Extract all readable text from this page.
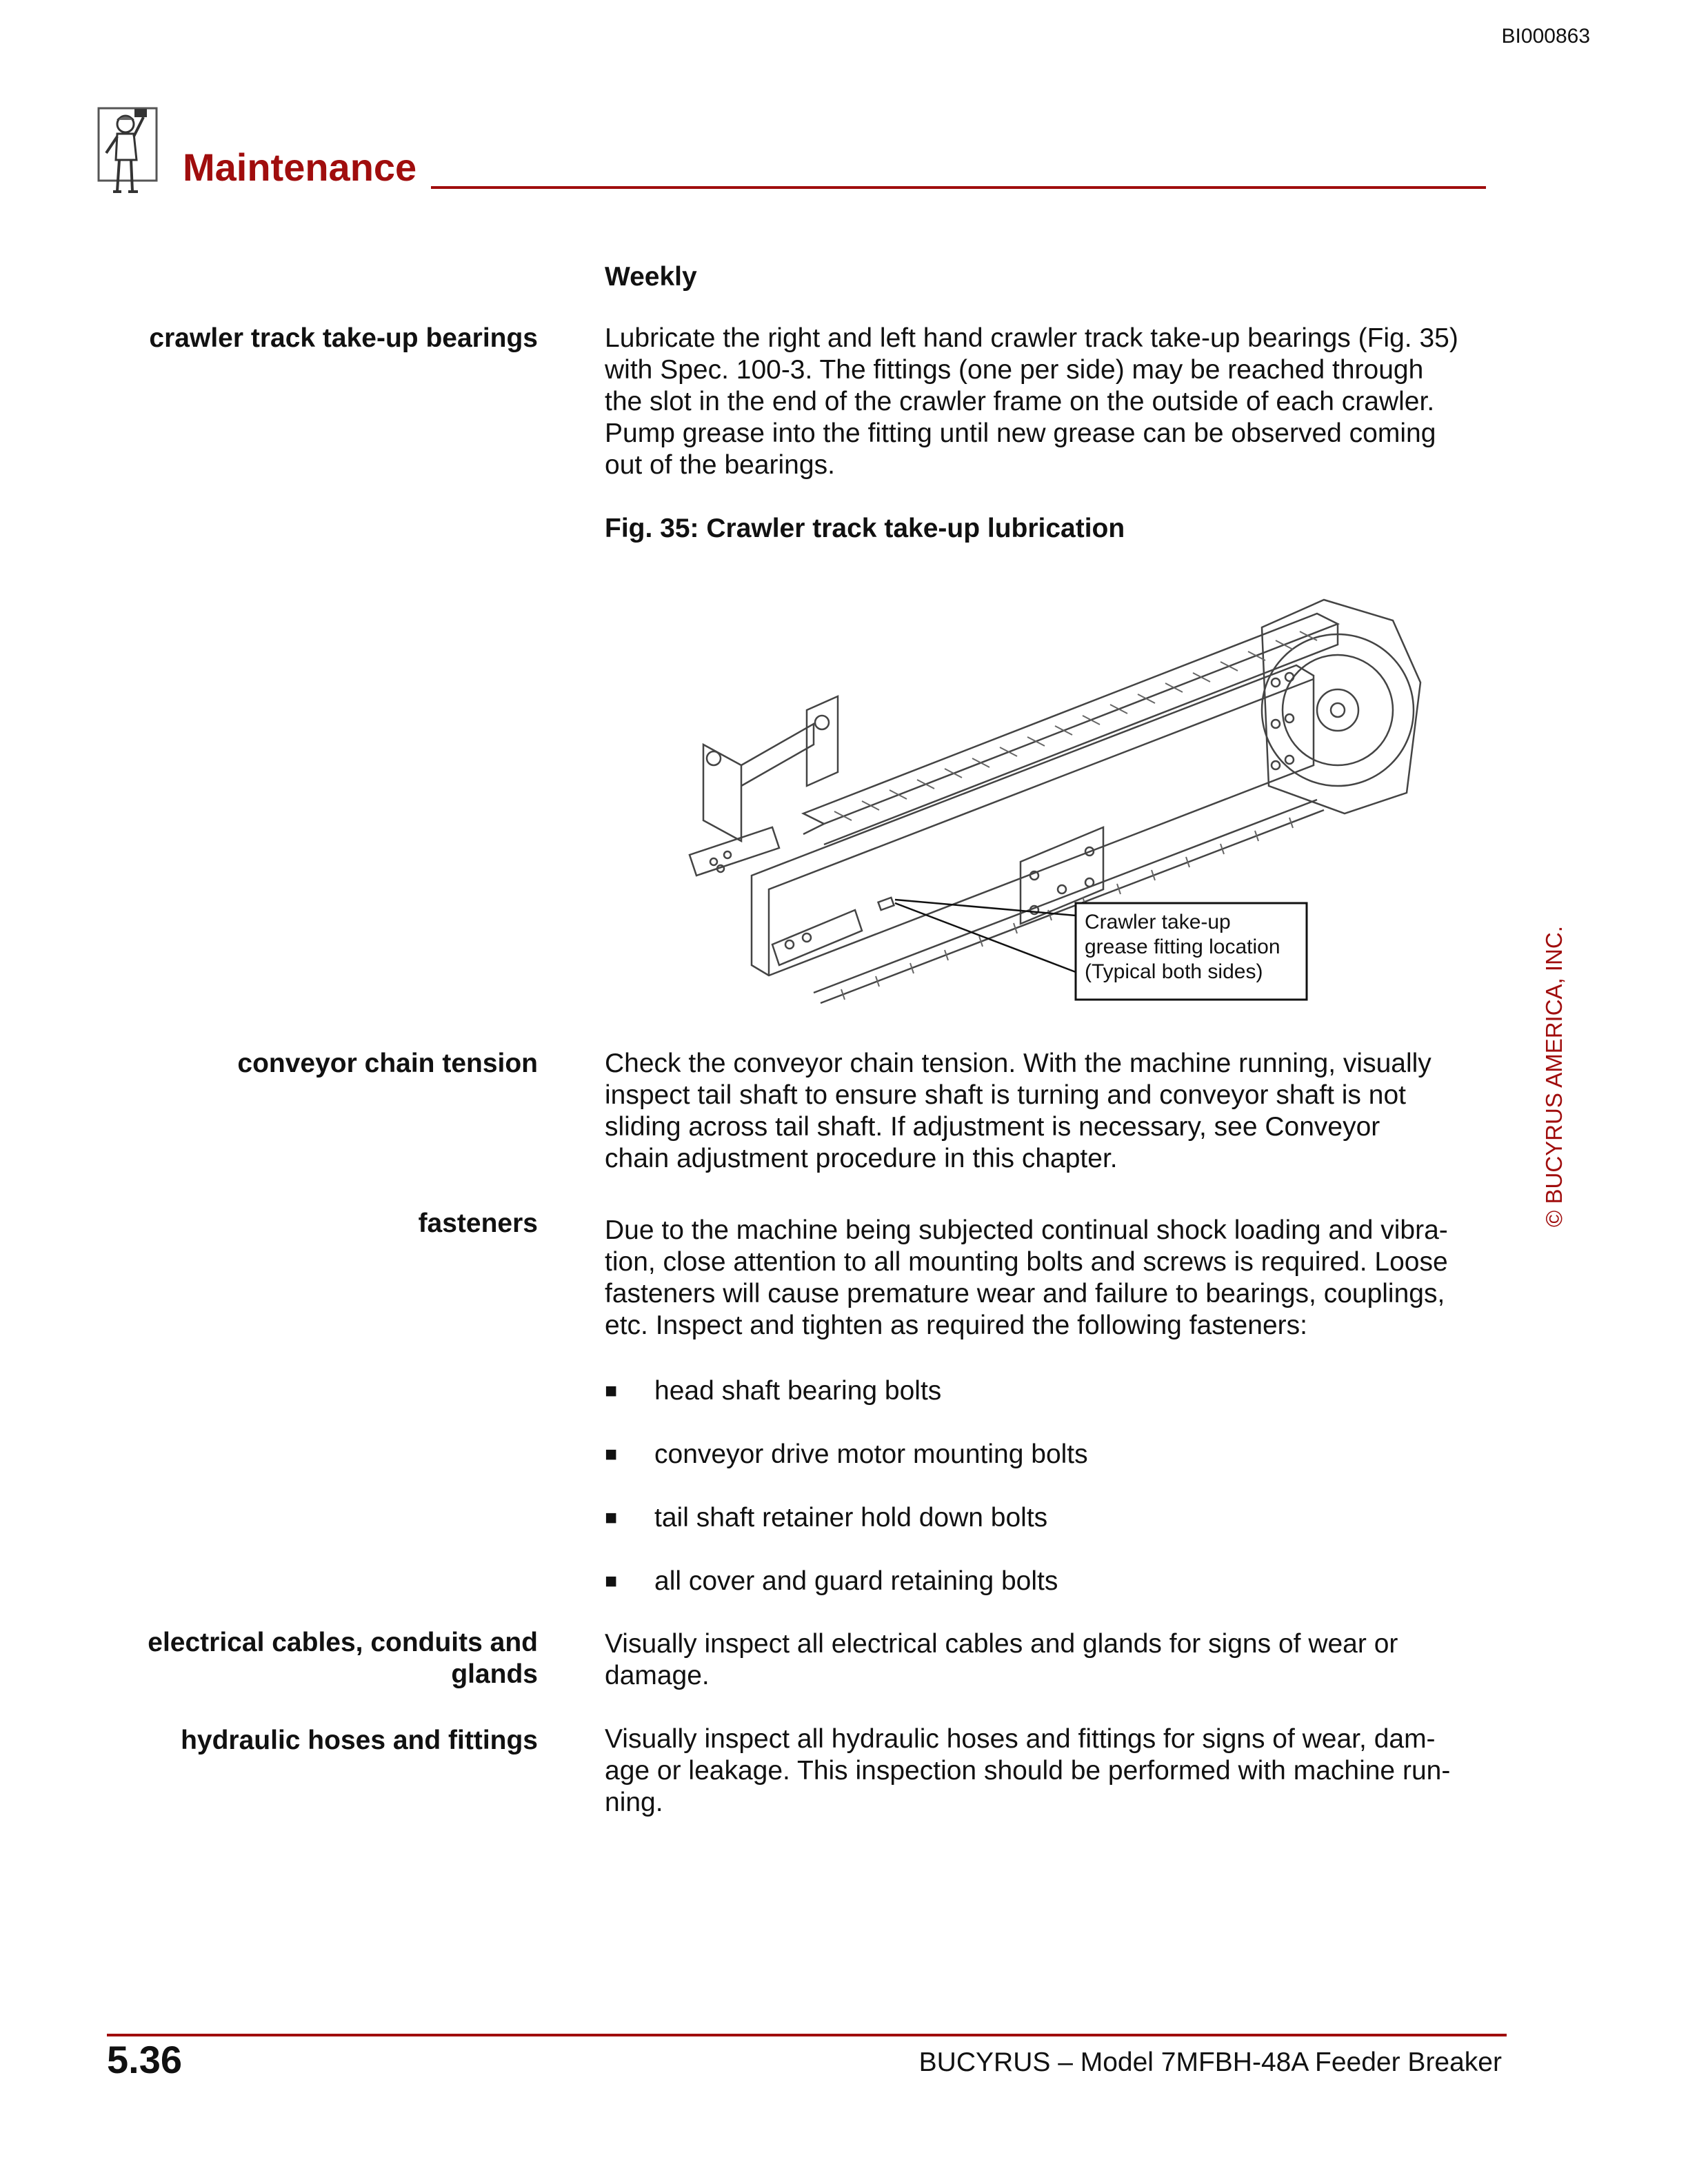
BI000863
Maintenance
Weekly
crawler track take-up bearings Lubricate the right and left hand crawler track take-up bearings (Fig. 35)
with Spec. 100-3. The fittings (one per side) may be reached through
the slot in the end of the crawler frame on the outside of each crawler.
Pump grease into the fitting until new grease can be observed coming
out of the bearings.
Fig. 35: Crawler track take-up lubrication
Crawler take-up
grease fitting location
(Typical both sides)
conveyor chain tension Check the conveyor chain tension. With the machine running, visually
inspect tail shaft to ensure shaft is turning and conveyor shaft is not
sliding across tail shaft. If adjustment is necessary, see Conveyor
chain adjustment procedure in this chapter.
fasteners Due to the machine being subjected continual shock loading and vibra-
tion, close attention to all mounting bolts and screws is required. Loose
fasteners will cause premature wear and failure to bearings, couplings,
etc. Inspect and tighten as required the following fasteners:
■	head shaft bearing bolts
■	conveyor drive motor mounting bolts
■	tail shaft retainer hold down bolts
■	all cover and guard retaining bolts
electrical cables, conduits and
glands
Visually inspect all electrical cables and glands for signs of wear or
damage.
hydraulic hoses and fittings Visually inspect all hydraulic hoses and fittings for signs of wear, dam-
age or leakage. This inspection should be performed with machine run-
ning.
© BUCYRUS AMERICA, INC.
5.36	BUCYRUS – Model 7MFBH-48A Feeder Breaker
